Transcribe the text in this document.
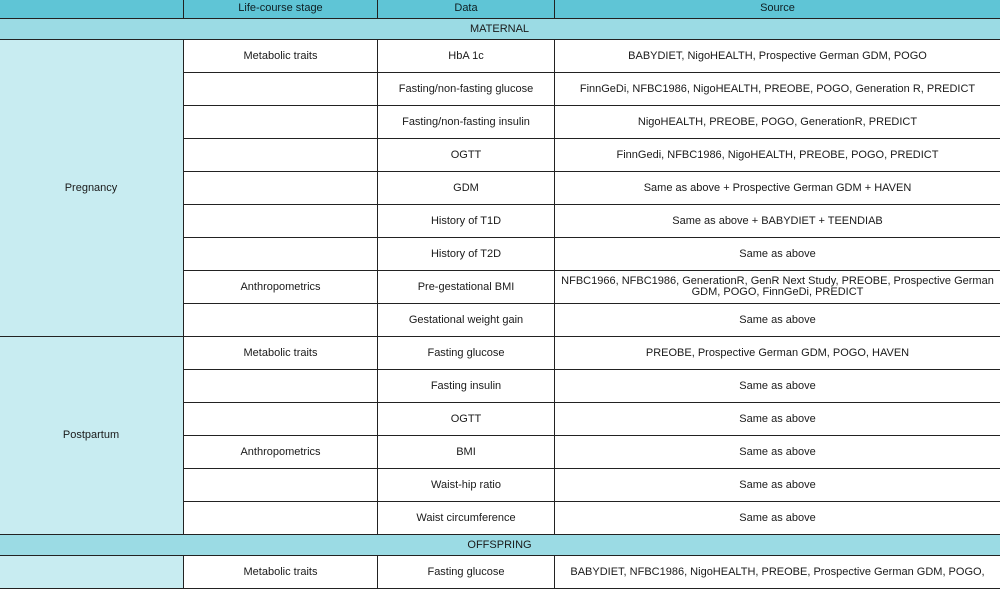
	Life-course stage	Data	Source
MATERNAL			
Pregnancy	Metabolic traits	HbA 1c	BABYDIET, NigoHEALTH, Prospective German GDM, POGO
		Fasting/non-fasting glucose	FinnGeDi, NFBC1986, NigoHEALTH, PREOBE, POGO, Generation R, PREDICT
		Fasting/non-fasting insulin	NigoHEALTH, PREOBE, POGO, GenerationR, PREDICT
		OGTT	FinnGedi, NFBC1986, NigoHEALTH, PREOBE, POGO, PREDICT
		GDM	Same as above + Prospective German GDM + HAVEN
		History of T1D	Same as above + BABYDIET + TEENDIAB
		History of T2D	Same as above
	Anthropometrics	Pre-gestational BMI	NFBC1966, NFBC1986, GenerationR, GenR Next Study, PREOBE, Prospective German GDM, POGO, FinnGeDi, PREDICT
		Gestational weight gain	Same as above
Postpartum	Metabolic traits	Fasting glucose	PREOBE, Prospective German GDM, POGO, HAVEN
		Fasting insulin	Same as above
		OGTT	Same as above
	Anthropometrics	BMI	Same as above
		Waist-hip ratio	Same as above
		Waist circumference	Same as above
OFFSPRING			
	Metabolic traits	Fasting glucose	BABYDIET, NFBC1986, NigoHEALTH, PREOBE, Prospective German GDM, POGO,
